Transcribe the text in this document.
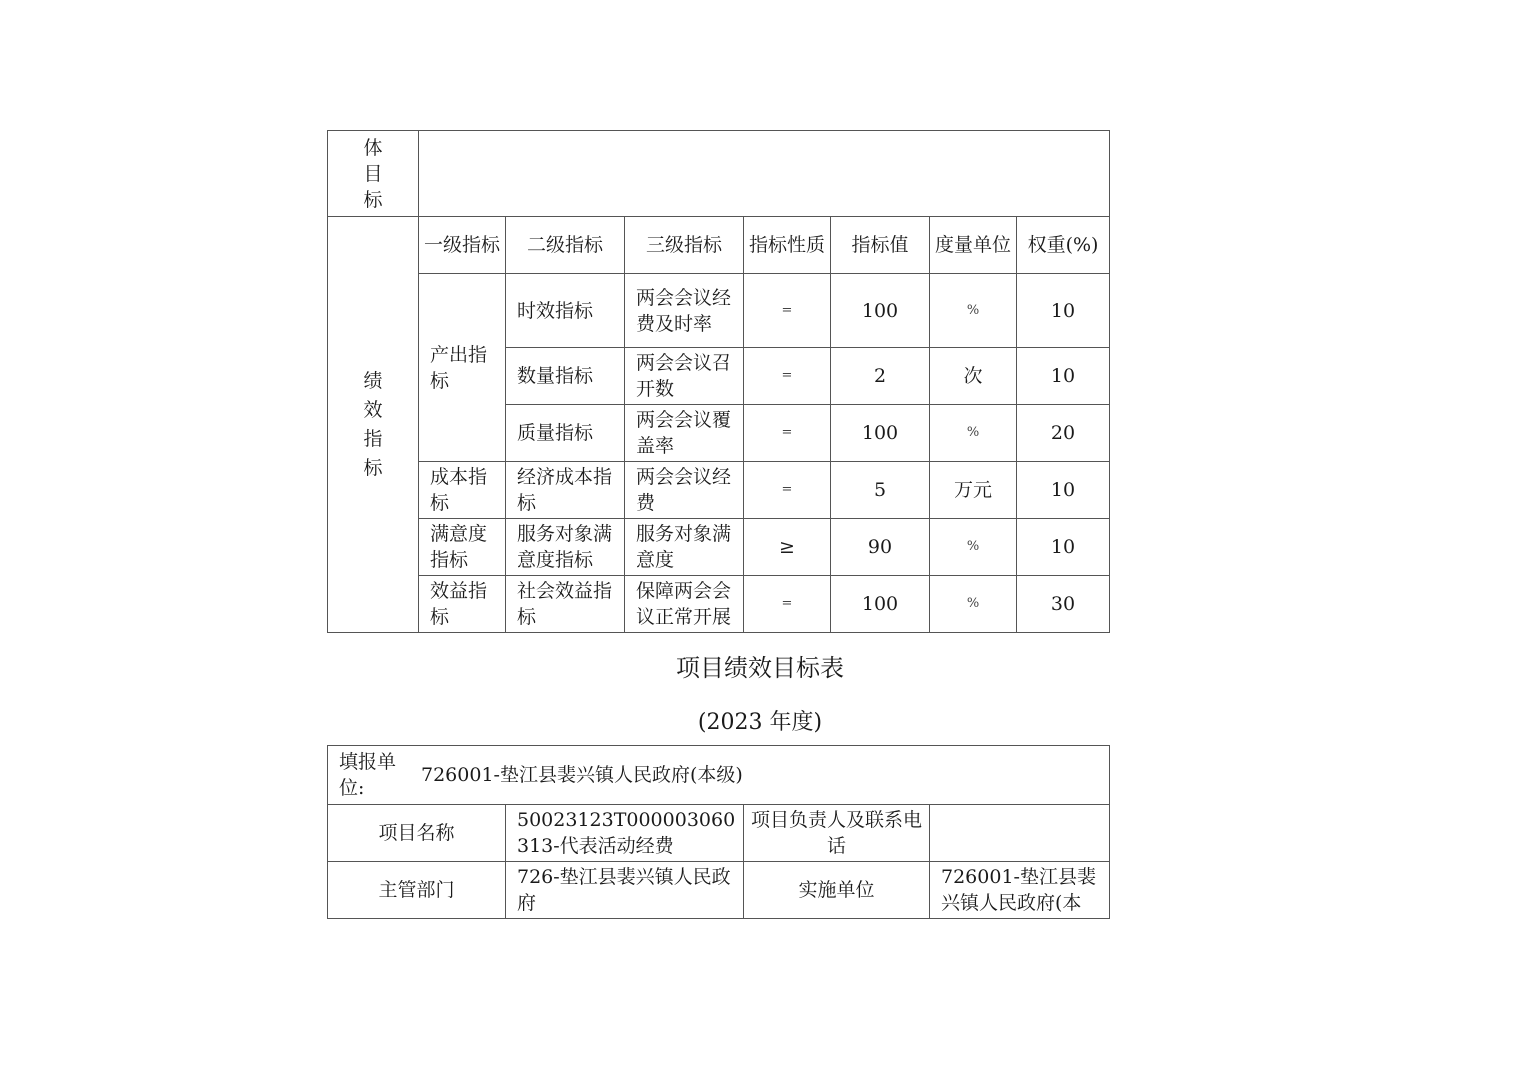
体目标							
绩效指标	一级指标	二级指标	三级指标	指标性质	指标值	度量单位	权重(%)
	产出指标	时效指标	两会会议经费及时率	=	100	%	10
		数量指标	两会会议召开数	=	2	次	10
		质量指标	两会会议覆盖率	=	100	%	20
	成本指标	经济成本指标	两会会议经费	=	5	万元	10
	满意度指标	服务对象满意度指标	服务对象满意度	≥	90	%	10
	效益指标	社会效益指标	保障两会会议正常开展	=	100	%	30
项目绩效目标表
(2023 年度)
填报单位:
726001-垫江县裴兴镇人民政府(本级)			

项目名称	50023123T000003060313-代表活动经费	项目负责人及联系电话	
主管部门	726-垫江县裴兴镇人民政府	实施单位	726001-垫江县裴兴镇人民政府(本
